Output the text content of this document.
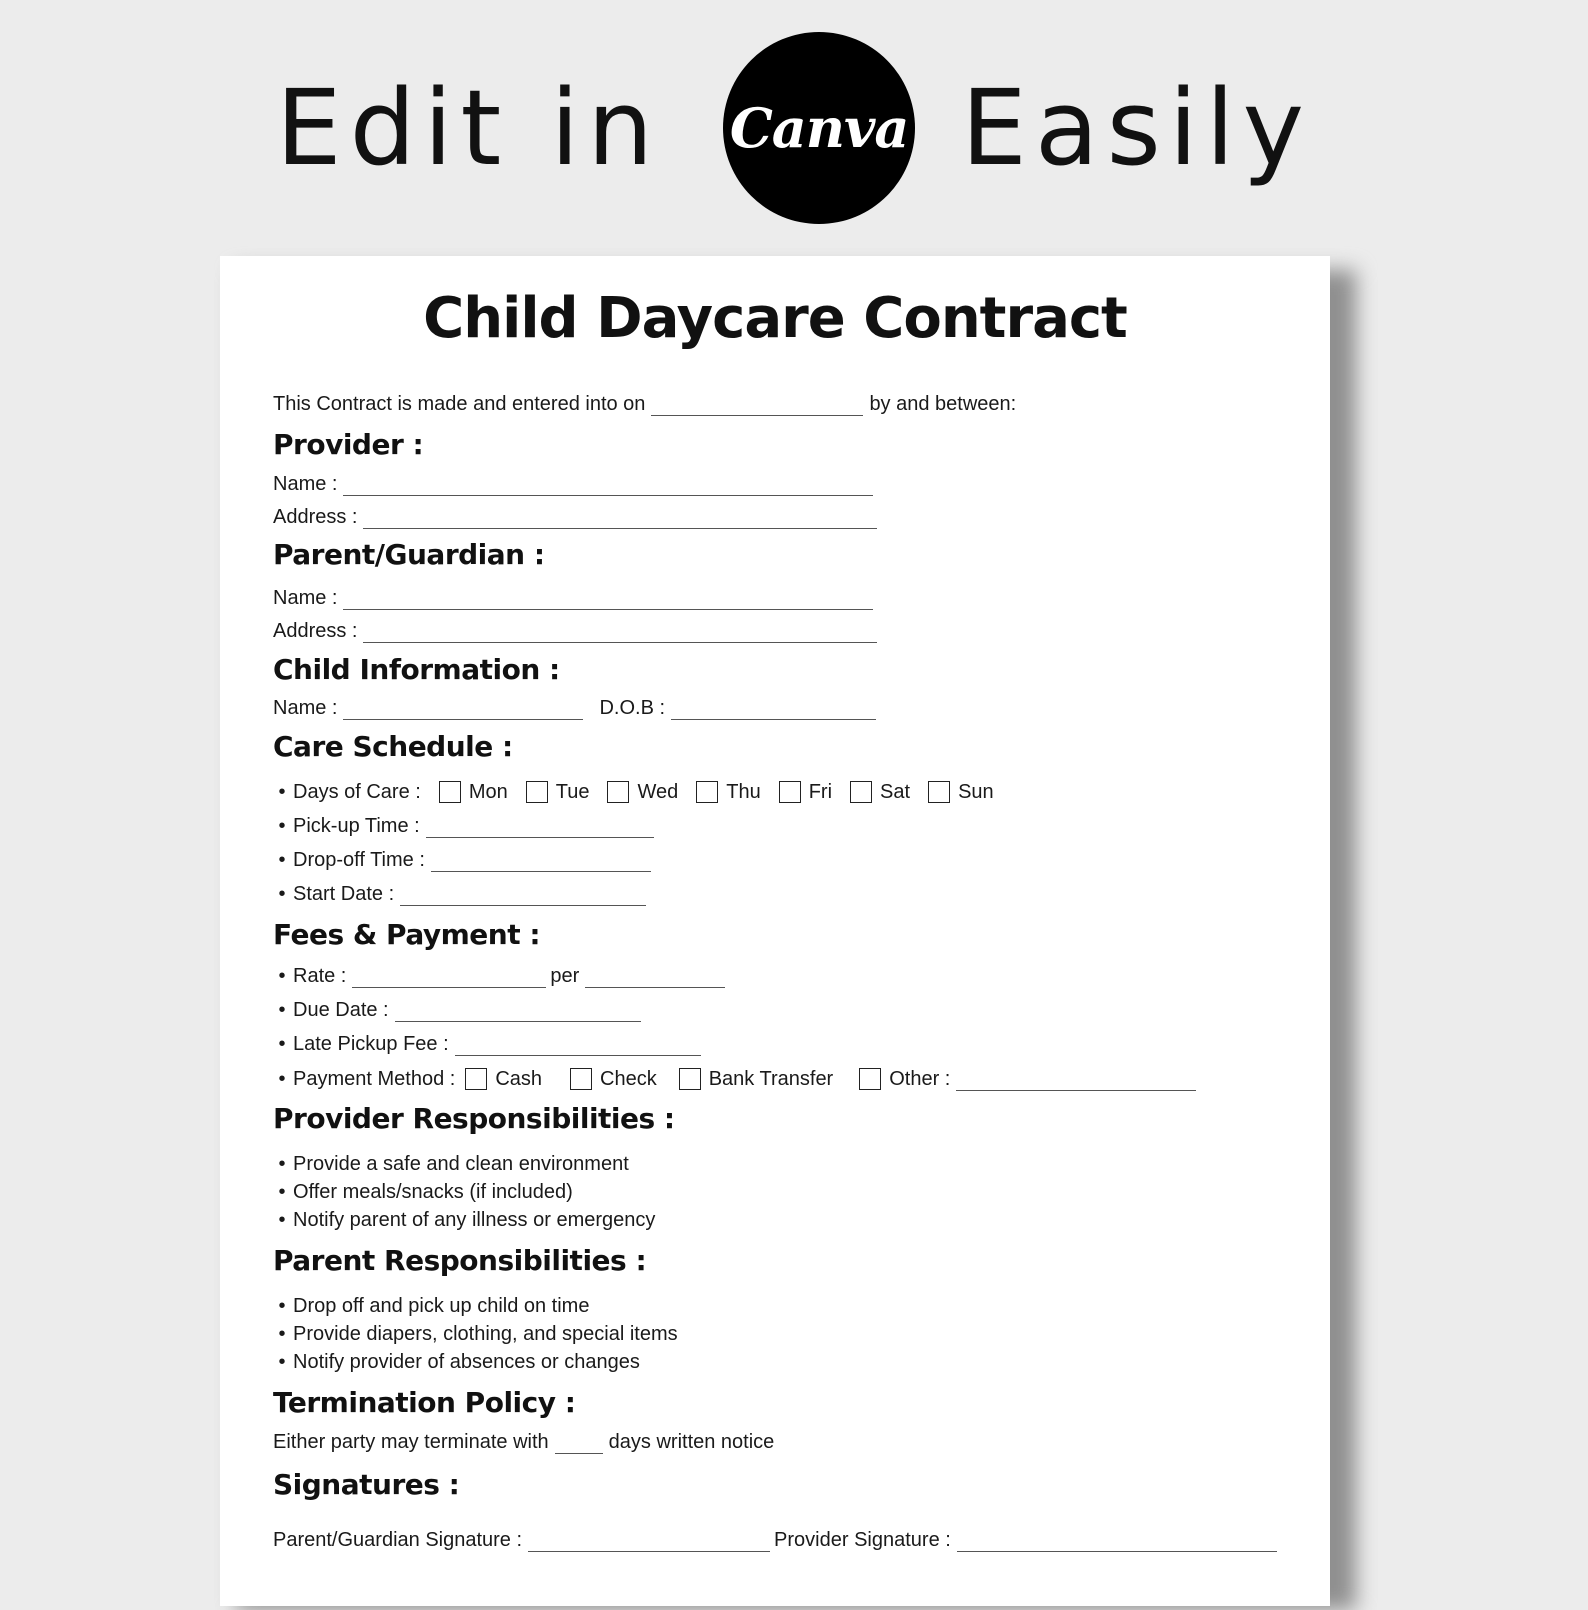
Edit in Canva Easily
Child Daycare Contract
This Contract is made and entered into on	by and between:
Provider :
Name :
Address :
Parent/Guardian :
Name :
Address :
Child Information :
Name :	D.O.B :
Care Schedule :
• Days of Care : Mon Tue Wed Thu Fri Sat Sun
• Pick-up Time :
• Drop-off Time :
• Start Date :
Fees & Payment :
• Rate :	per
• Due Date :
• Late Pickup Fee :
• Payment Method : Cash	Check	Bank Transfer	Other :
Provider Responsibilities :
• Provide a safe and clean environment
• Offer meals/snacks (if included)
• Notify parent of any illness or emergency
Parent Responsibilities :
• Drop off and pick up child on time
• Provide diapers, clothing, and special items
• Notify provider of absences or changes
Termination Policy :
Either party may terminate with	days written notice
Signatures :
Parent/Guardian Signature :	Provider Signature :
